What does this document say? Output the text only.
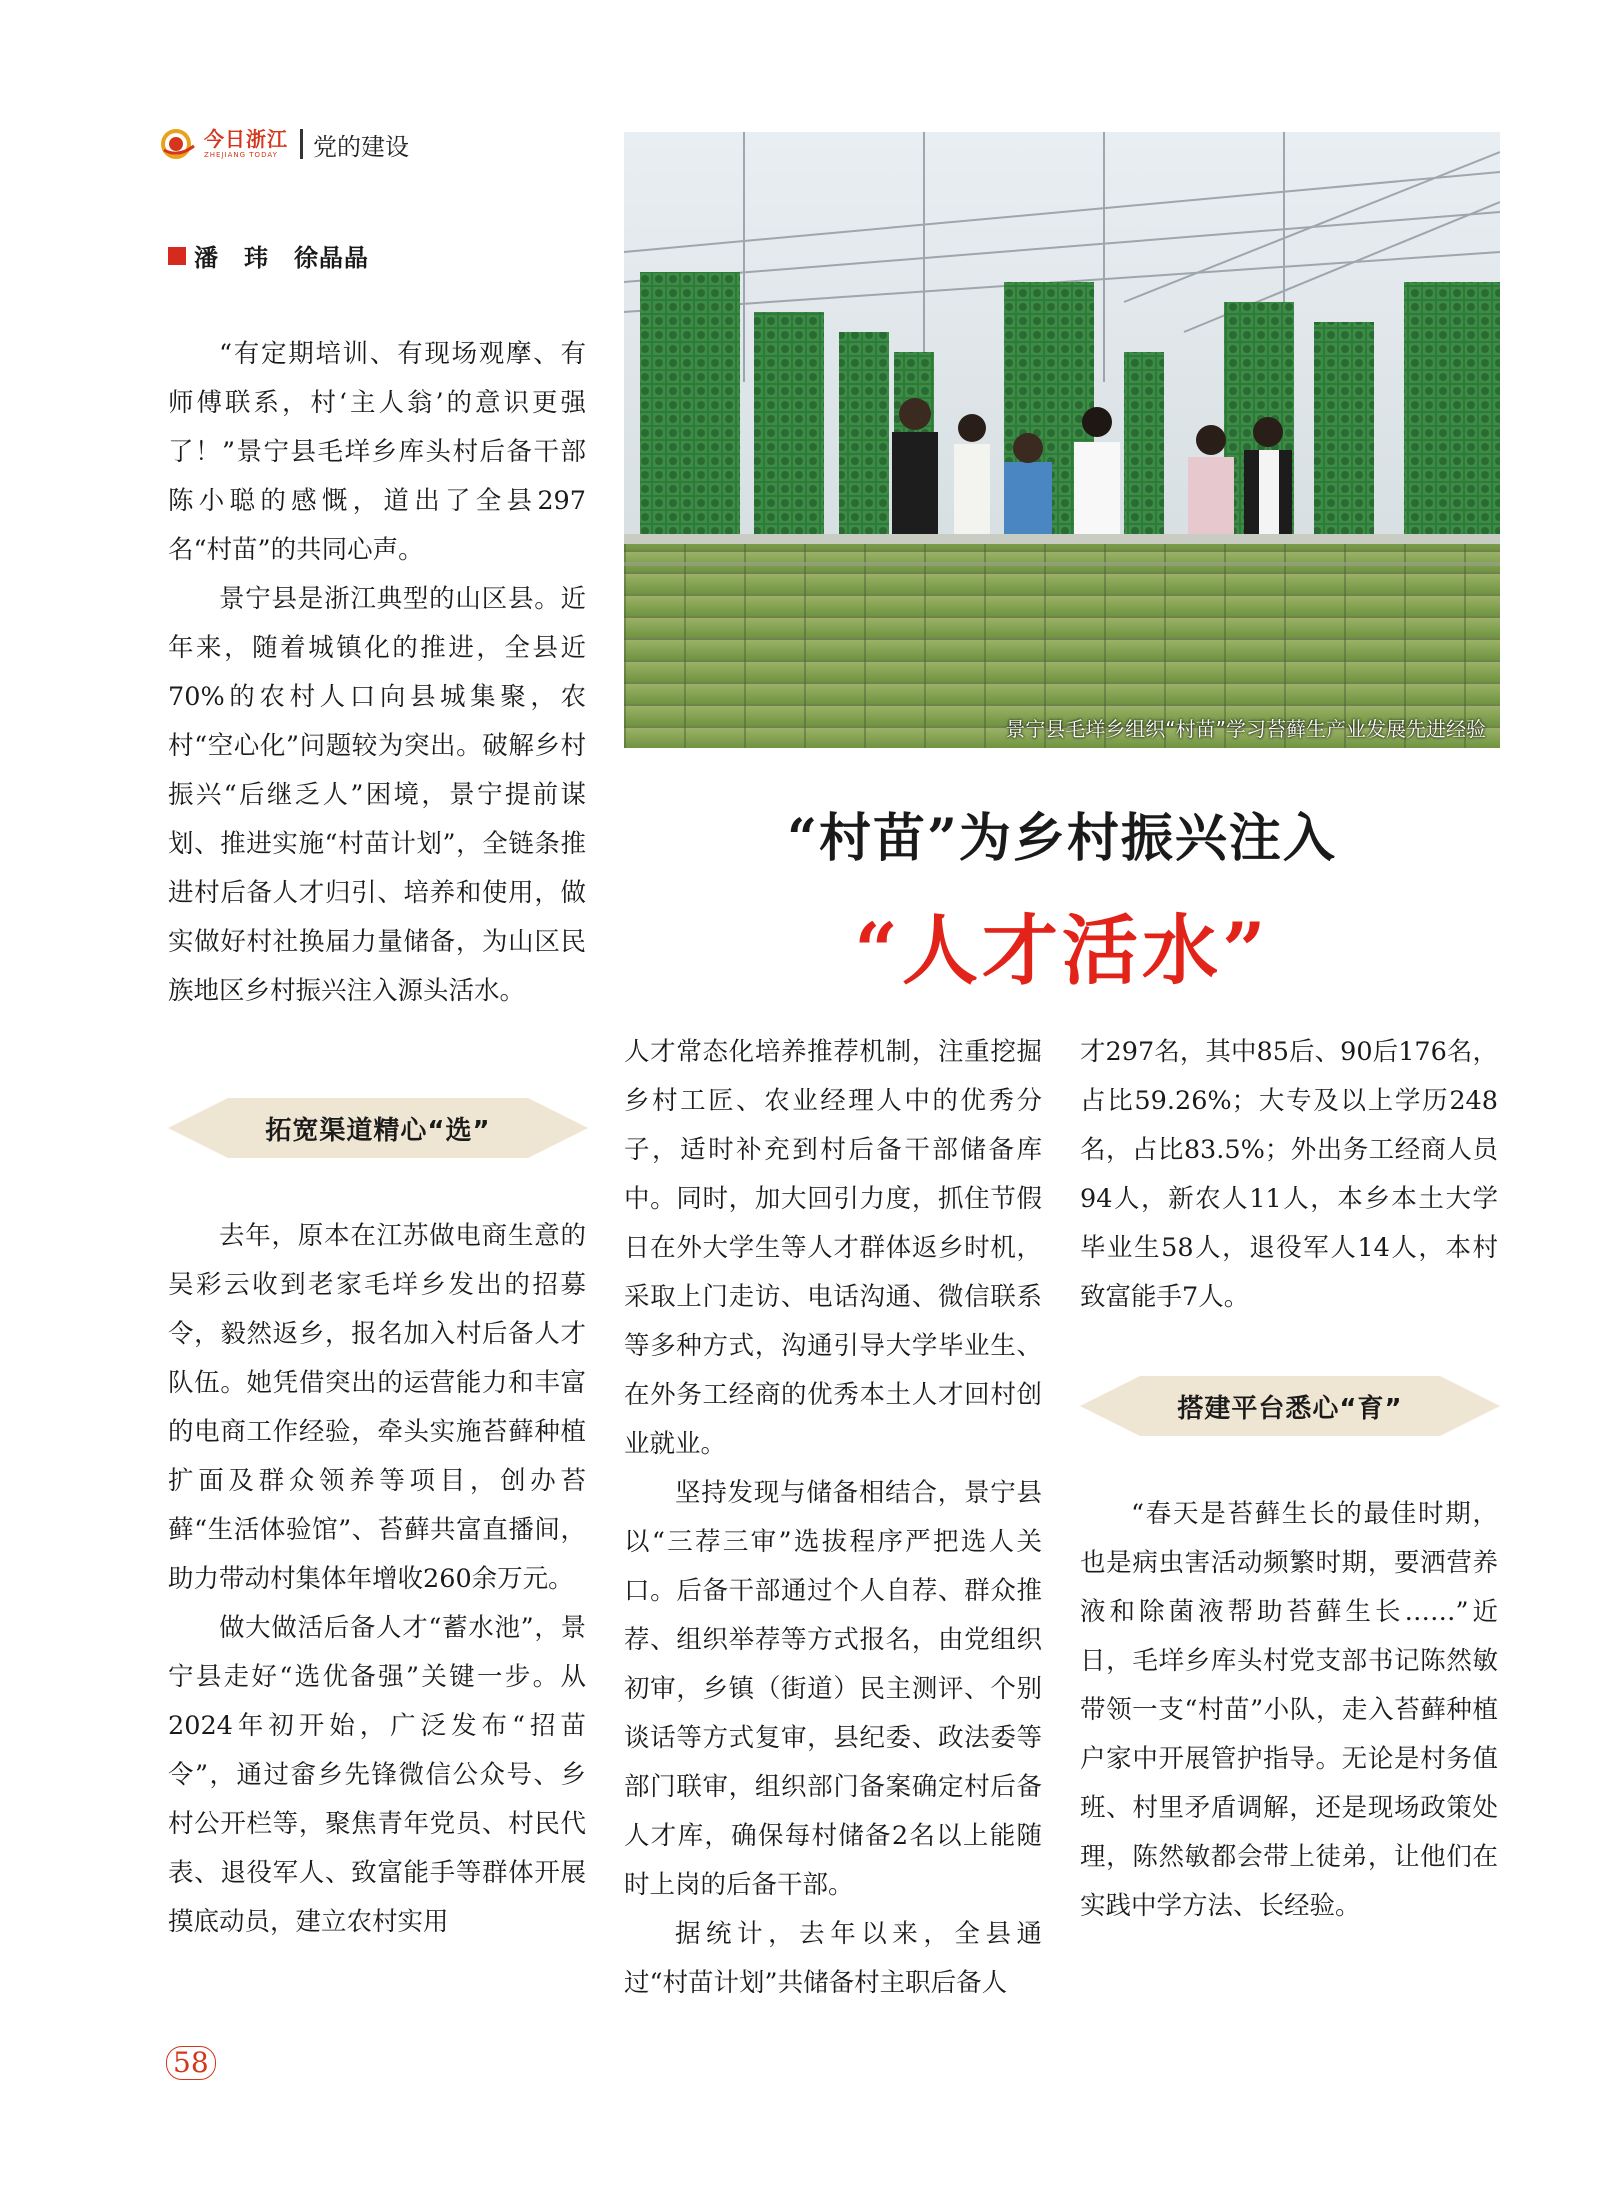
今日浙江
ZHEJIANG TODAY	党的建设
潘　玮　徐晶晶
景宁县毛垟乡组织“村苗”学习苔藓生产业发展先进经验
“村苗”为乡村振兴注入
“人才活水”

“有定期培训、有现场观摩、有师傅联系，村‘主人翁’的意识更强了！”景宁县毛垟乡库头村后备干部陈小聪的感慨，道出了全县297名“村苗”的共同心声。

景宁县是浙江典型的山区县。近年来，随着城镇化的推进，全县近70%的农村人口向县城集聚，农村“空心化”问题较为突出。破解乡村振兴“后继乏人”困境，景宁提前谋划、推进实施“村苗计划”，全链条推进村后备人才归引、培养和使用，做实做好村社换届力量储备，为山区民族地区乡村振兴注入源头活水。

拓宽渠道精心“选”

去年，原本在江苏做电商生意的吴彩云收到老家毛垟乡发出的招募令，毅然返乡，报名加入村后备人才队伍。她凭借突出的运营能力和丰富的电商工作经验，牵头实施苔藓种植扩面及群众领养等项目，创办苔藓“生活体验馆”、苔藓共富直播间，助力带动村集体年增收260余万元。

做大做活后备人才“蓄水池”，景宁县走好“选优备强”关键一步。从2024年初开始，广泛发布“招苗令”，通过畲乡先锋微信公众号、乡村公开栏等，聚焦青年党员、村民代表、退役军人、致富能手等群体开展摸底动员，建立农村实用

人才常态化培养推荐机制，注重挖掘乡村工匠、农业经理人中的优秀分子，适时补充到村后备干部储备库中。同时，加大回引力度，抓住节假日在外大学生等人才群体返乡时机，采取上门走访、电话沟通、微信联系等多种方式，沟通引导大学毕业生、在外务工经商的优秀本土人才回村创业就业。

坚持发现与储备相结合，景宁县以“三荐三审”选拔程序严把选人关口。后备干部通过个人自荐、群众推荐、组织举荐等方式报名，由党组织初审，乡镇（街道）民主测评、个别谈话等方式复审，县纪委、政法委等部门联审，组织部门备案确定村后备人才库，确保每村储备2名以上能随时上岗的后备干部。

据统计，去年以来，全县通过“村苗计划”共储备村主职后备人

才297名，其中85后、90后176名，占比59.26%；大专及以上学历248名，占比83.5%；外出务工经商人员94人，新农人11人，本乡本土大学毕业生58人，退役军人14人，本村致富能手7人。

搭建平台悉心“育”

“春天是苔藓生长的最佳时期，也是病虫害活动频繁时期，要洒营养液和除菌液帮助苔藓生长……”近日，毛垟乡库头村党支部书记陈然敏带领一支“村苗”小队，走入苔藓种植户家中开展管护指导。无论是村务值班、村里矛盾调解，还是现场政策处理，陈然敏都会带上徒弟，让他们在实践中学方法、长经验。

58
